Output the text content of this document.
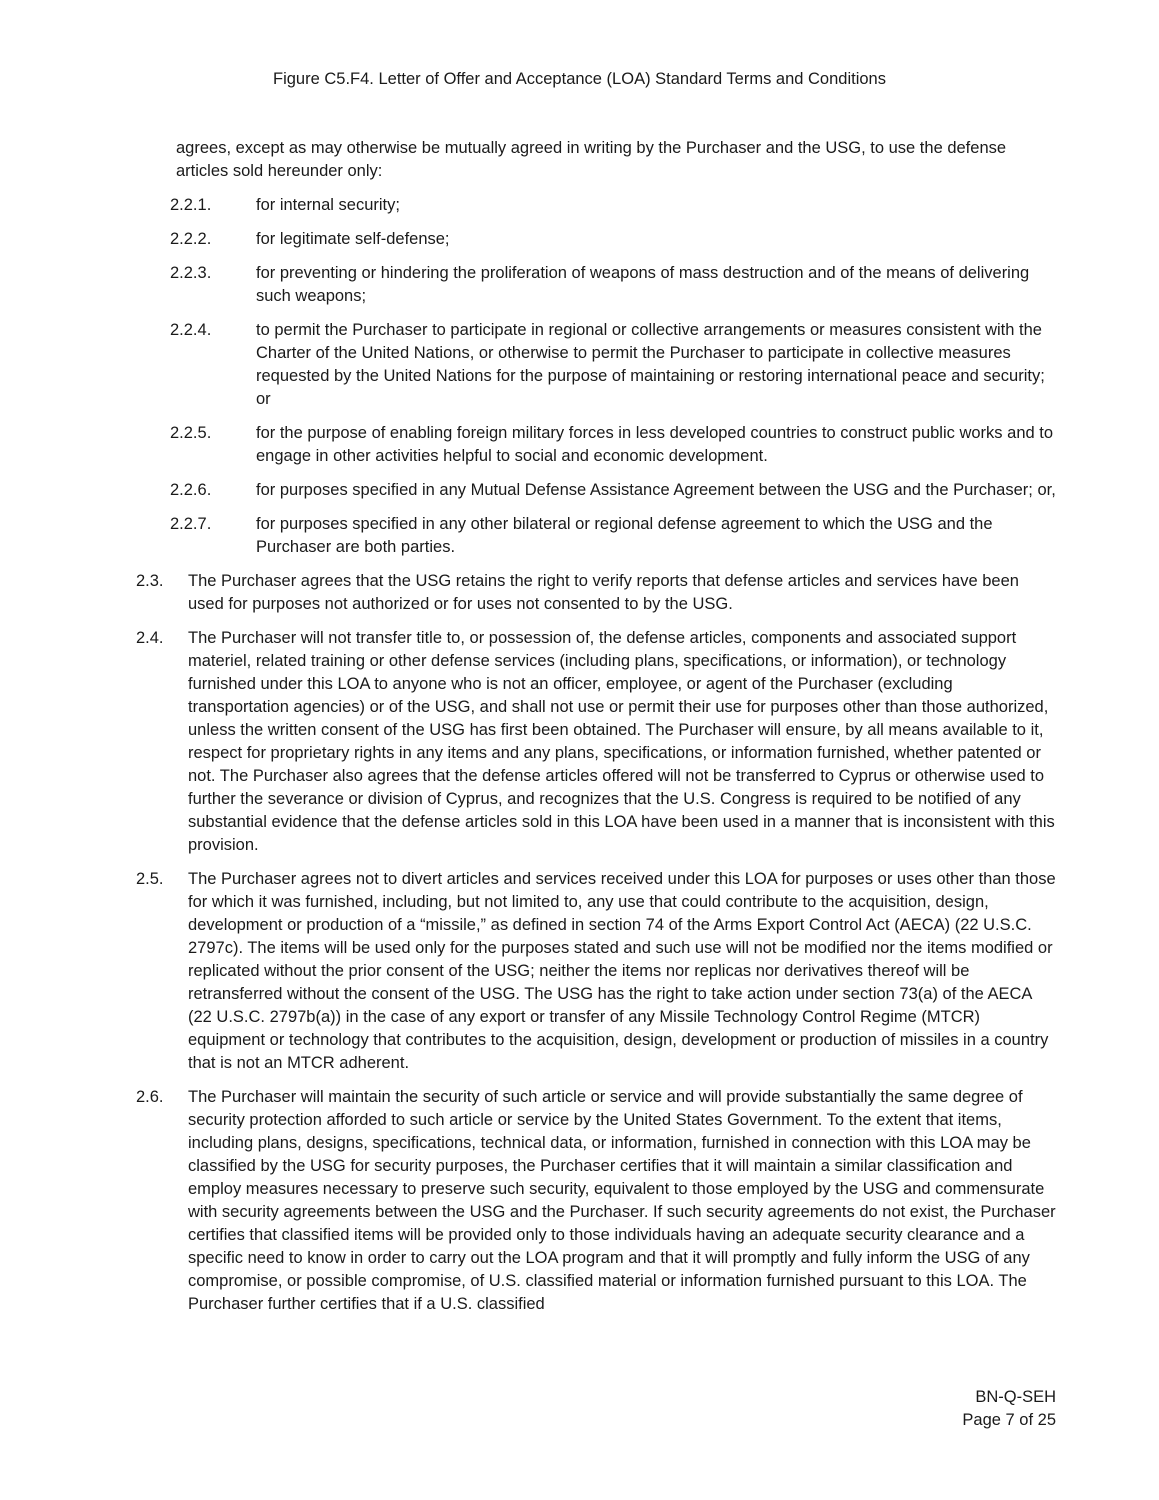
Figure C5.F4. Letter of Offer and Acceptance (LOA) Standard Terms and Conditions
agrees, except as may otherwise be mutually agreed in writing by the Purchaser and the USG, to use the defense articles sold hereunder only:
2.2.1.	for internal security;
2.2.2.	for legitimate self-defense;
2.2.3.	for preventing or hindering the proliferation of weapons of mass destruction and of the means of delivering such weapons;
2.2.4.	to permit the Purchaser to participate in regional or collective arrangements or measures consistent with the Charter of the United Nations, or otherwise to permit the Purchaser to participate in collective measures requested by the United Nations for the purpose of maintaining or restoring international peace and security; or
2.2.5.	for the purpose of enabling foreign military forces in less developed countries to construct public works and to engage in other activities helpful to social and economic development.
2.2.6.	for purposes specified in any Mutual Defense Assistance Agreement between the USG and the Purchaser; or,
2.2.7.	for purposes specified in any other bilateral or regional defense agreement to which the USG and the Purchaser are both parties.
2.3.	The Purchaser agrees that the USG retains the right to verify reports that defense articles and services have been used for purposes not authorized or for uses not consented to by the USG.
2.4.	The Purchaser will not transfer title to, or possession of, the defense articles, components and associated support materiel, related training or other defense services (including plans, specifications, or information), or technology furnished under this LOA to anyone who is not an officer, employee, or agent of the Purchaser (excluding transportation agencies) or of the USG, and shall not use or permit their use for purposes other than those authorized, unless the written consent of the USG has first been obtained. The Purchaser will ensure, by all means available to it, respect for proprietary rights in any items and any plans, specifications, or information furnished, whether patented or not. The Purchaser also agrees that the defense articles offered will not be transferred to Cyprus or otherwise used to further the severance or division of Cyprus, and recognizes that the U.S. Congress is required to be notified of any substantial evidence that the defense articles sold in this LOA have been used in a manner that is inconsistent with this provision.
2.5.	The Purchaser agrees not to divert articles and services received under this LOA for purposes or uses other than those for which it was furnished, including, but not limited to, any use that could contribute to the acquisition, design, development or production of a “missile,” as defined in section 74 of the Arms Export Control Act (AECA) (22 U.S.C. 2797c). The items will be used only for the purposes stated and such use will not be modified nor the items modified or replicated without the prior consent of the USG; neither the items nor replicas nor derivatives thereof will be retransferred without the consent of the USG. The USG has the right to take action under section 73(a) of the AECA (22 U.S.C. 2797b(a)) in the case of any export or transfer of any Missile Technology Control Regime (MTCR) equipment or technology that contributes to the acquisition, design, development or production of missiles in a country that is not an MTCR adherent.
2.6.	The Purchaser will maintain the security of such article or service and will provide substantially the same degree of security protection afforded to such article or service by the United States Government. To the extent that items, including plans, designs, specifications, technical data, or information, furnished in connection with this LOA may be classified by the USG for security purposes, the Purchaser certifies that it will maintain a similar classification and employ measures necessary to preserve such security, equivalent to those employed by the USG and commensurate with security agreements between the USG and the Purchaser. If such security agreements do not exist, the Purchaser certifies that classified items will be provided only to those individuals having an adequate security clearance and a specific need to know in order to carry out the LOA program and that it will promptly and fully inform the USG of any compromise, or possible compromise, of U.S. classified material or information furnished pursuant to this LOA. The Purchaser further certifies that if a U.S. classified
BN-Q-SEH
Page 7 of 25
